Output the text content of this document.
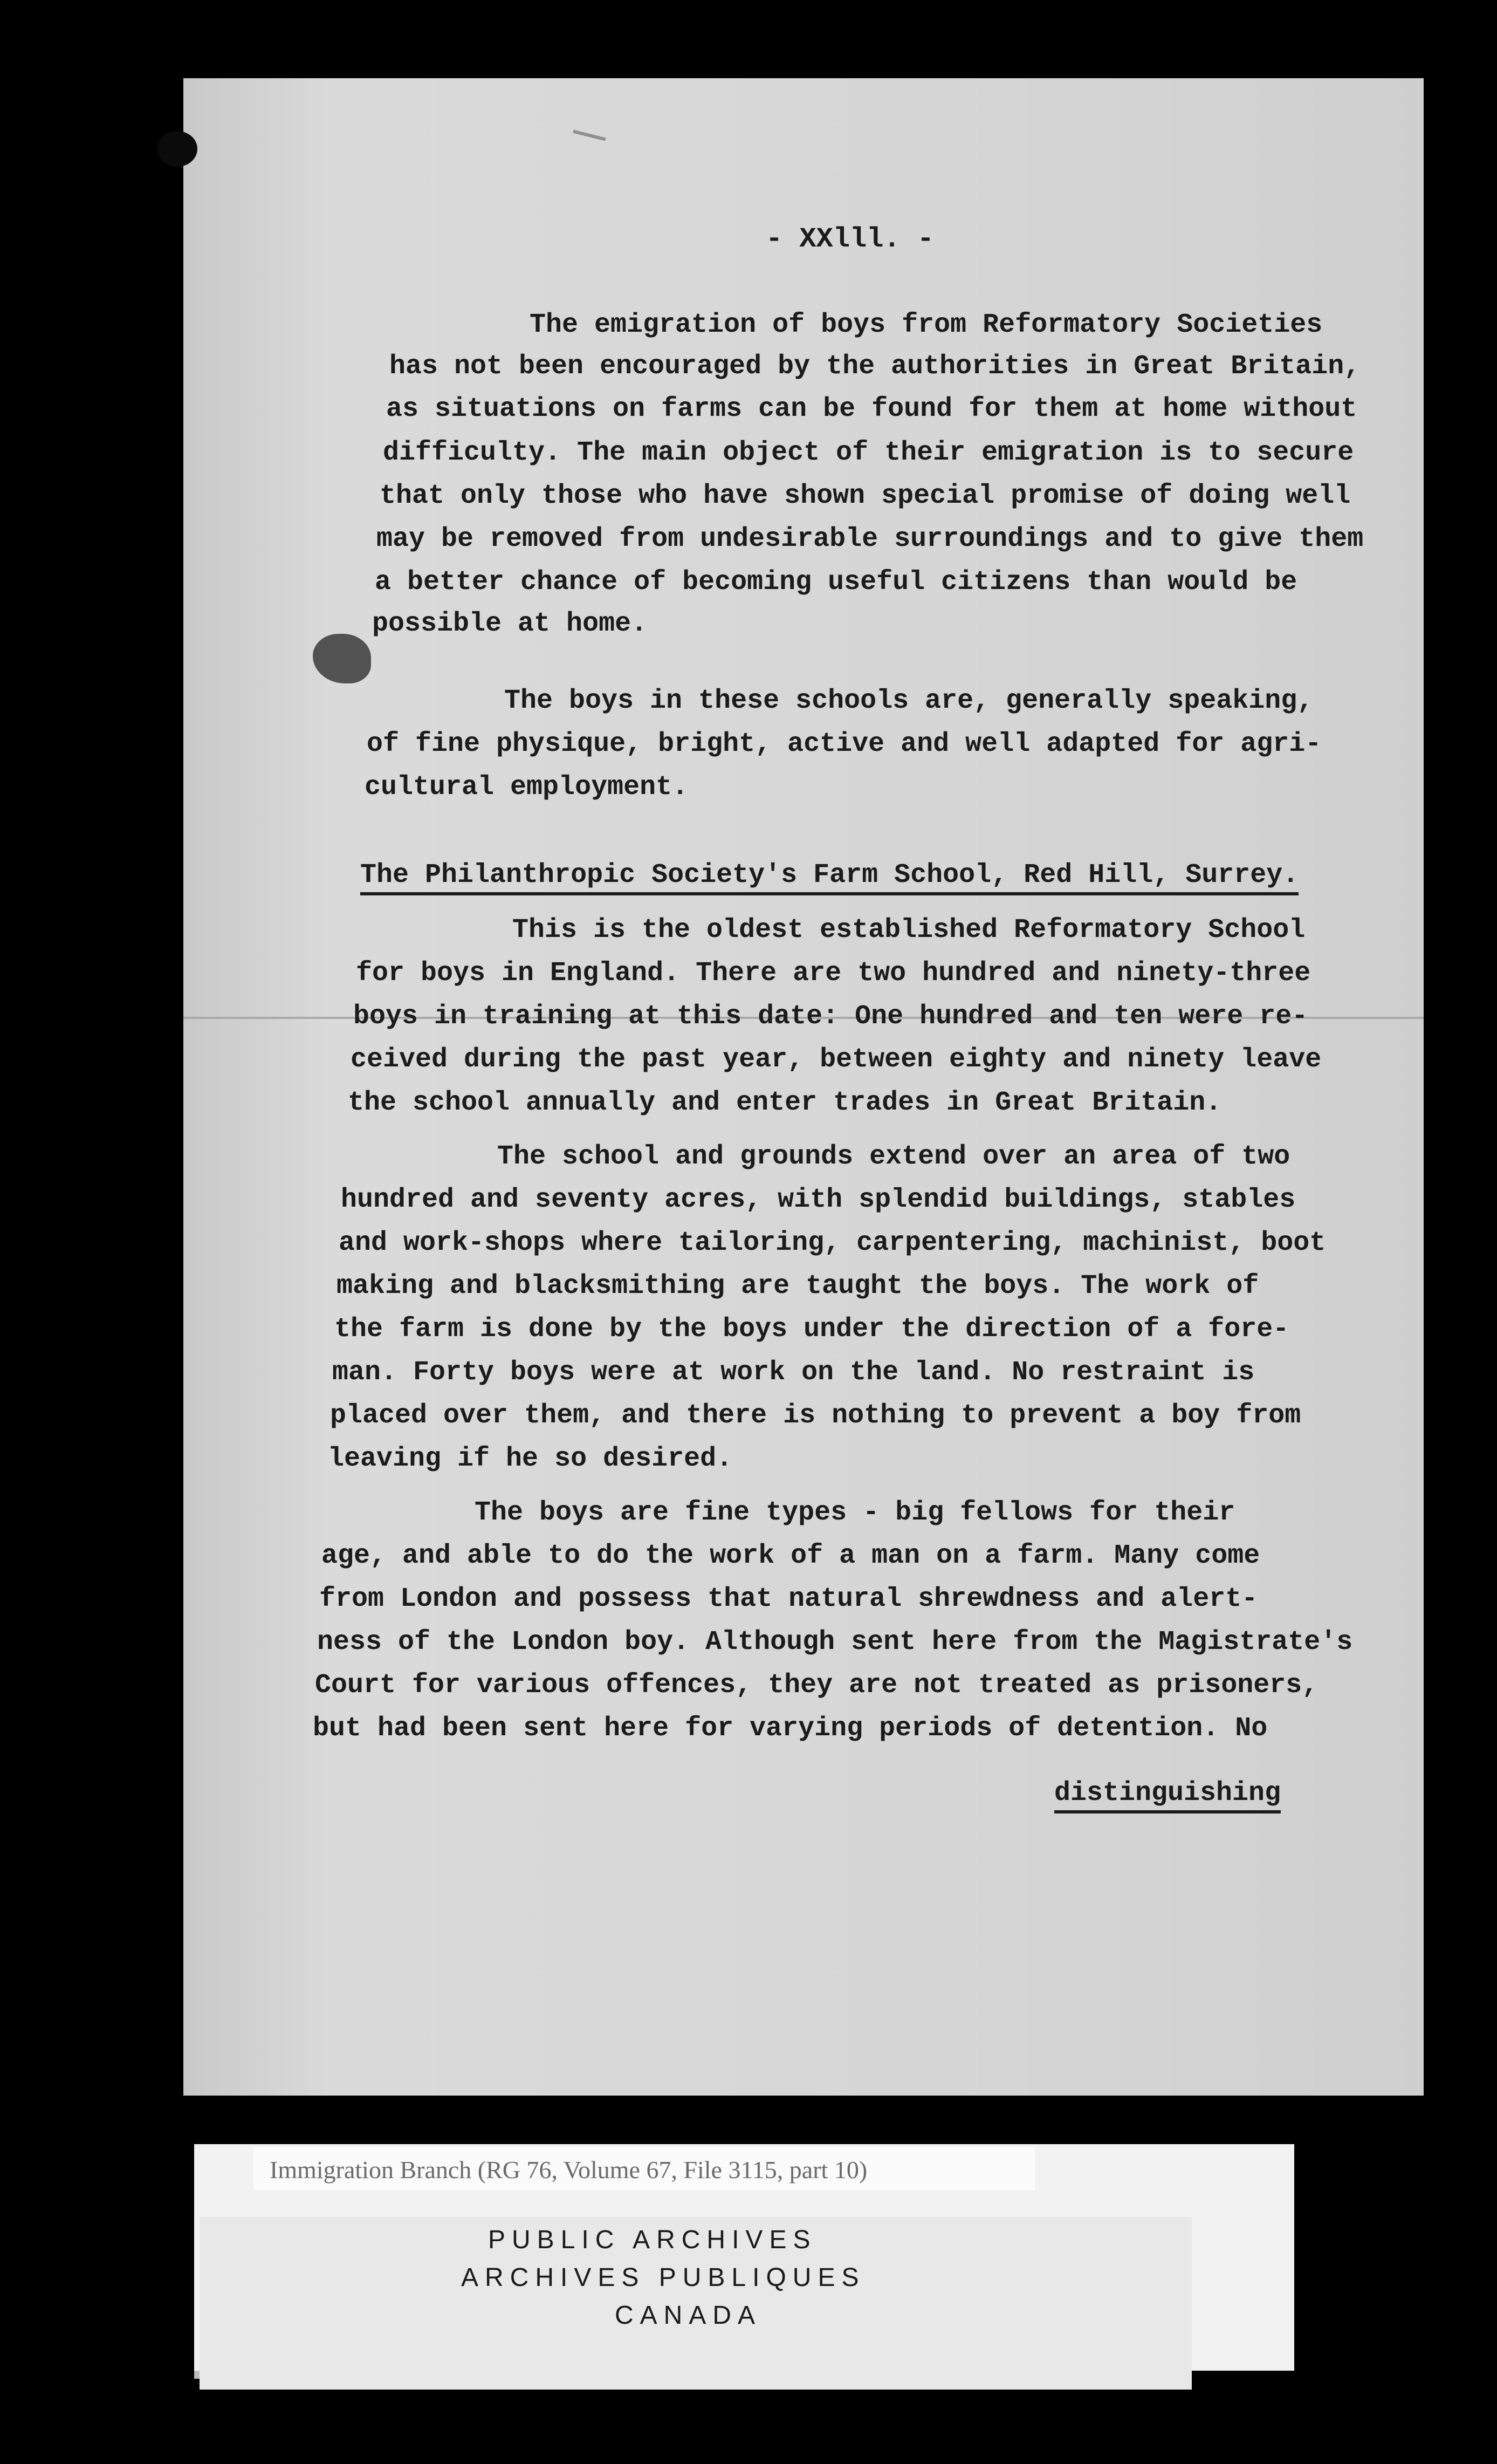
- XXlll. -
The emigration of boys from Reformatory Societies
has not been encouraged by the authorities in Great Britain,
as situations on farms can be found for them at home without
difficulty. The main object of their emigration is to secure
that only those who have shown special promise of doing well
may be removed from undesirable surroundings and to give them
a better chance of becoming useful citizens than would be
possible at home.
The boys in these schools are, generally speaking,
of fine physique, bright, active and well adapted for agri-
cultural employment.
The Philanthropic Society's Farm School, Red Hill, Surrey.
This is the oldest established Reformatory School
for boys in England. There are two hundred and ninety-three
boys in training at this date: One hundred and ten were re-
ceived during the past year, between eighty and ninety leave
the school annually and enter trades in Great Britain.
The school and grounds extend over an area of two
hundred and seventy acres, with splendid buildings, stables
and work-shops where tailoring, carpentering, machinist, boot
making and blacksmithing are taught the boys. The work of
the farm is done by the boys under the direction of a fore-
man. Forty boys were at work on the land. No restraint is
placed over them, and there is nothing to prevent a boy from
leaving if he so desired.
The boys are fine types - big fellows for their
age, and able to do the work of a man on a farm. Many come
from London and possess that natural shrewdness and alert-
ness of the London boy. Although sent here from the Magistrate's
Court for various offences, they are not treated as prisoners,
but had been sent here for varying periods of detention. No
distinguishing
Immigration Branch (RG 76, Volume 67, File 3115, part 10)
PUBLIC ARCHIVES
ARCHIVES PUBLIQUES
CANADA
